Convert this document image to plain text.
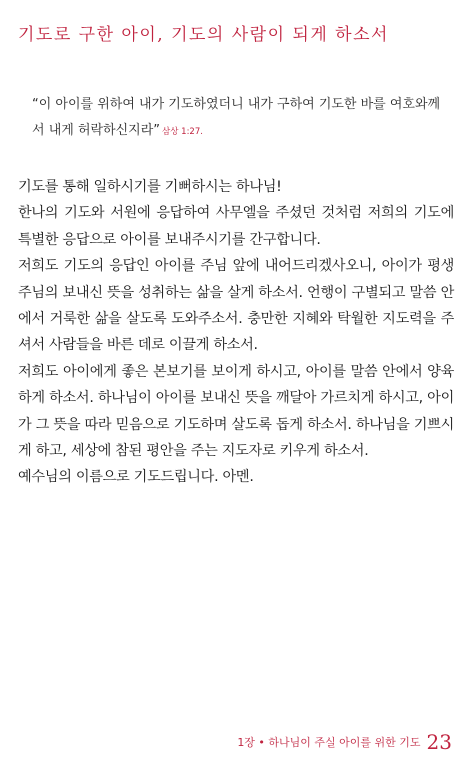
기도로 구한 아이, 기도의 사람이 되게 하소서
“이 아이를 위하여 내가 기도하였더니 내가 구하여 기도한 바를 여호와께서 내게 허락하신지라” 삼상 1:27.

기도를 통해 일하시기를 기뻐하시는 하나님!

한나의 기도와 서원에 응답하여 사무엘을 주셨던 것처럼 저희의 기도에 특별한 응답으로 아이를 보내주시기를 간구합니다.

저희도 기도의 응답인 아이를 주님 앞에 내어드리겠사오니, 아이가 평생 주님의 보내신 뜻을 성취하는 삶을 살게 하소서. 언행이 구별되고 말씀 안에서 거룩한 삶을 살도록 도와주소서. 충만한 지혜와 탁월한 지도력을 주셔서 사람들을 바른 데로 이끌게 하소서.

저희도 아이에게 좋은 본보기를 보이게 하시고, 아이를 말씀 안에서 양육하게 하소서. 하나님이 아이를 보내신 뜻을 깨달아 가르치게 하시고, 아이가 그 뜻을 따라 믿음으로 기도하며 살도록 돕게 하소서. 하나님을 기쁘시게 하고, 세상에 참된 평안을 주는 지도자로 키우게 하소서.

예수님의 이름으로 기도드립니다. 아멘.

1장 • 하나님이 주실 아이를 위한 기도 23
